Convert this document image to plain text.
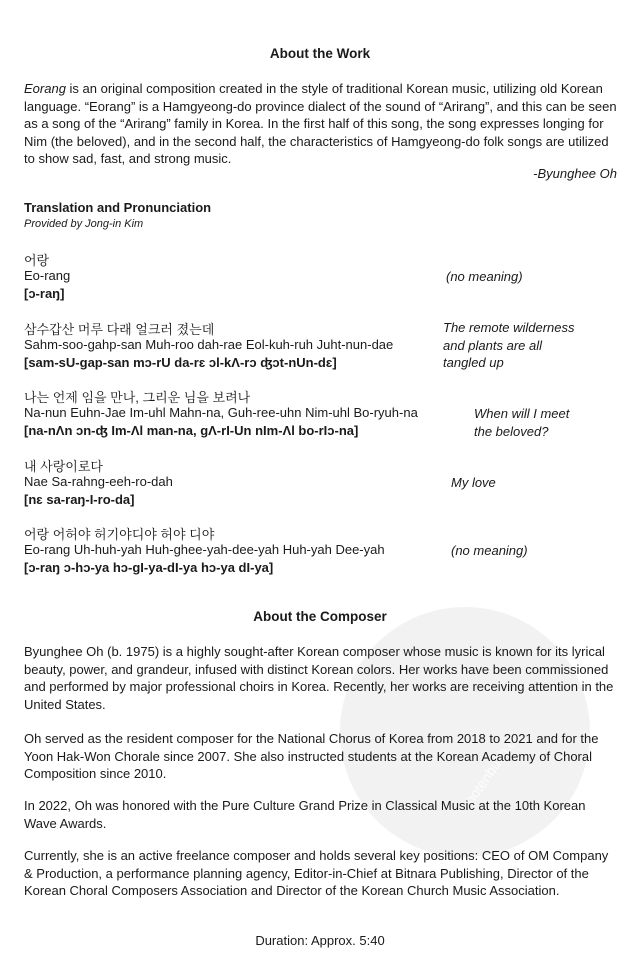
notenbuch.de
About the Work

Eorang is an original composition created in the style of traditional Korean music, utilizing old Korean language. “Eorang” is a Hamgyeong-do province dialect of the sound of “Arirang”, and this can be seen as a song of the “Arirang” family in Korea. In the first half of this song, the song expresses longing for Nim (the beloved), and in the second half, the characteristics of Hamgyeong-do folk songs are utilized to show sad, fast, and strong music.

-Byunghee Oh
Translation and Pronunciation
Provided by Jong-in Kim
어랑
Eo-rang
[ɔ-raŋ]
(no meaning)
삼수갑산 머루 다래 얼크러 졌는데
Sahm-soo-gahp-san Muh-roo dah-rae Eol-kuh-ruh Juht-nun-dae
[sam-sU-gap-san mɔ-rU da-rɛ ɔl-kΛ-rɔ ʤɔt-nUn-dɛ]
The remote wilderness
and plants are all
tangled up
나는 언제 임을 만나, 그리운 님을 보려나
Na-nun Euhn-Jae Im-uhl Mahn-na, Guh-ree-uhn Nim-uhl Bo-ryuh-na
[na-nΛn ɔn-ʤ Im-Λl man-na, gΛ-rI-Un nIm-Λl bo-rIɔ-na]
When will I meet
the beloved?
내 사랑이로다
Nae Sa-rahng-eeh-ro-dah
[nɛ sa-raŋ-I-ro-da]
My love
어랑 어허야 허기야디야 허야 디야
Eo-rang Uh-huh-yah Huh-ghee-yah-dee-yah Huh-yah Dee-yah
[ɔ-raŋ ɔ-hɔ-ya hɔ-gI-ya-dI-ya hɔ-ya dI-ya]
(no meaning)
About the Composer

Byunghee Oh (b. 1975) is a highly sought-after Korean composer whose music is known for its lyrical beauty, power, and grandeur, infused with distinct Korean colors. Her works have been commissioned and performed by major professional choirs in Korea. Recently, her works are receiving attention in the United States.

Oh served as the resident composer for the National Chorus of Korea from 2018 to 2021 and for the Yoon Hak-Won Chorale since 2007. She also instructed students at the Korean Academy of Choral Composition since 2010.

In 2022, Oh was honored with the Pure Culture Grand Prize in Classical Music at the 10th Korean Wave Awards.

Currently, she is an active freelance composer and holds several key positions: CEO of OM Company & Production, a performance planning agency, Editor-in-Chief at Bitnara Publishing, Director of the Korean Choral Composers Association and Director of the Korean Church Music Association.

Duration: Approx. 5:40
